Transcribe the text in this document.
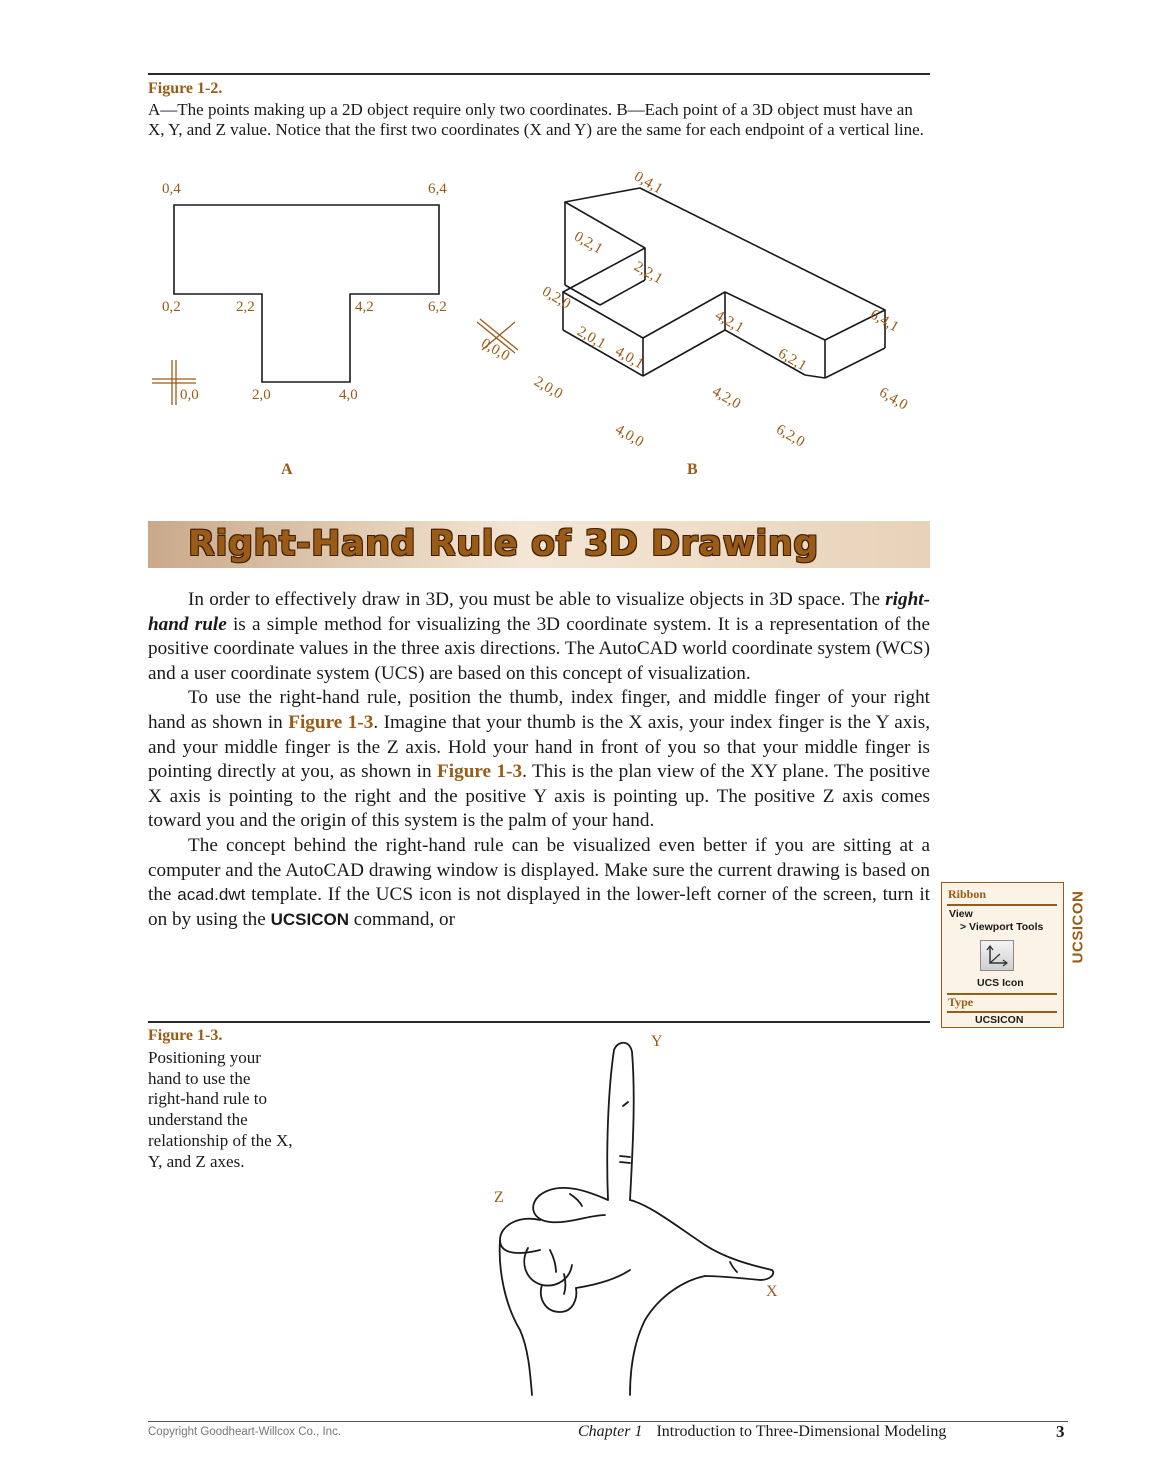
Figure 1-2.
A—The points making up a 2D object require only two coordinates. B—Each point of a 3D object must have an X, Y, and Z value. Notice that the first two coordinates (X and Y) are the same for each endpoint of a vertical line.
0,4	6,4
0,2	2,2	4,2	6,2
0,0	2,0	4,0
0,4,1
0,2,1
2,2,1
0,2,0
0,0,0	2,0,1
4,0,1
4,2,1	6,4,1
6,2,1
2,0,0	4,2,0
4,0,0	6,2,0
6,4,0
A	B
Right-Hand Rule of 3D Drawing

In order to effectively draw in 3D, you must be able to visualize objects in 3D space. The right-hand rule is a simple method for visualizing the 3D coordinate system. It is a representation of the positive coordinate values in the three axis directions. The AutoCAD world coordinate system (WCS) and a user coordinate system (UCS) are based on this concept of visualization.

To use the right-hand rule, position the thumb, index finger, and middle finger of your right hand as shown in Figure 1-3. Imagine that your thumb is the X axis, your index finger is the Y axis, and your middle finger is the Z axis. Hold your hand in front of you so that your middle finger is pointing directly at you, as shown in Figure 1-3. This is the plan view of the XY plane. The positive X axis is pointing to the right and the positive Y axis is pointing up. The positive Z axis comes toward you and the origin of this system is the palm of your hand.

The concept behind the right-hand rule can be visualized even better if you are sitting at a computer and the AutoCAD drawing window is displayed. Make sure the current drawing is based on the acad.dwt template. If the UCS icon is not displayed in the lower-left corner of the screen, turn it on by using the UCSICON command, or

Ribbon
View
> Viewport Tools
UCS Icon
Type
UCSICON
UCSICON
Figure 1-3.
Positioning your
hand to use the
right-hand rule to
understand the
relationship of the X,
Y, and Z axes.
Y
Z
X
Copyright Goodheart-Willcox Co., Inc.	Chapter 1 Introduction to Three-Dimensional Modeling	3
